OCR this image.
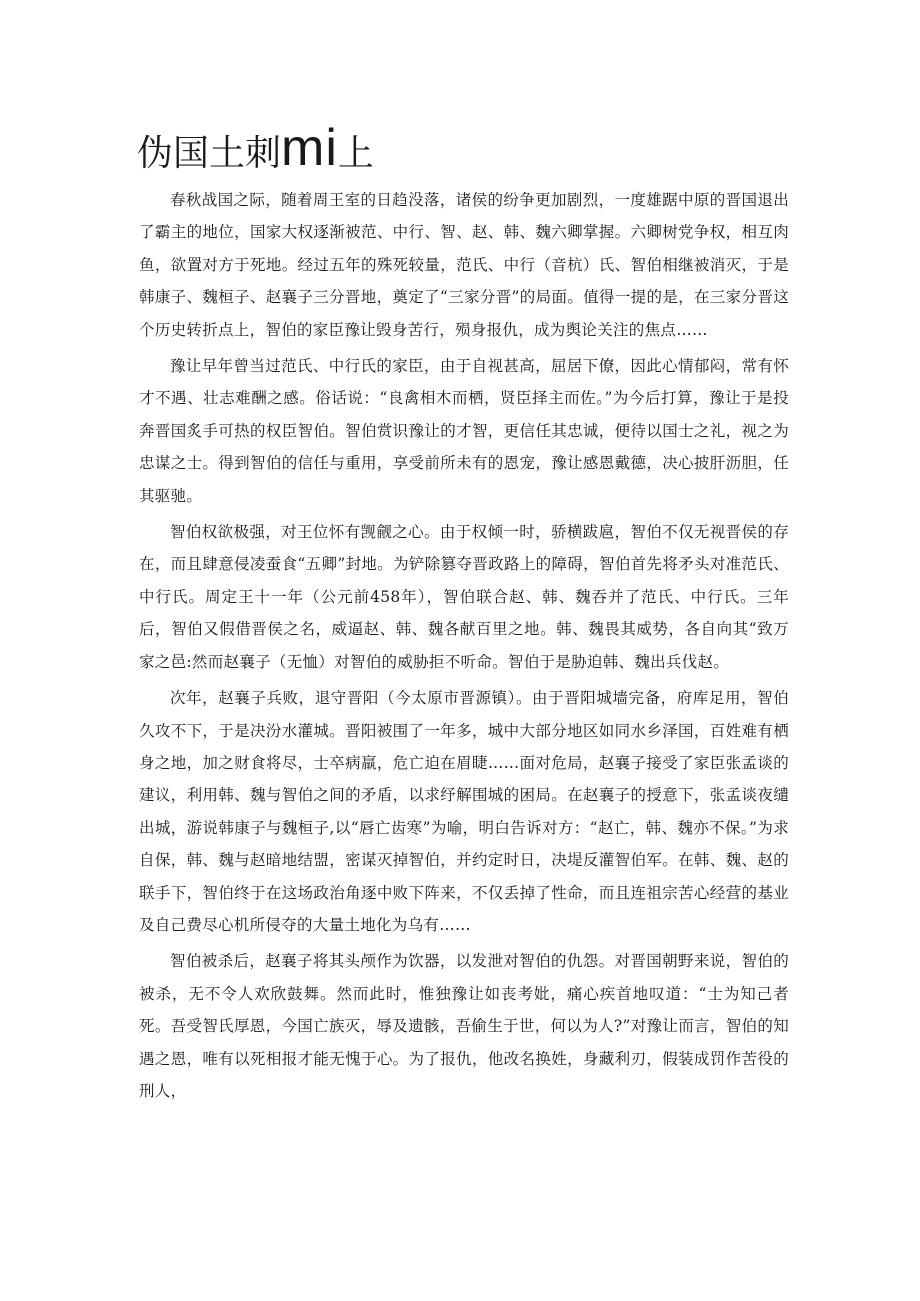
伪国土刺mi上

春秋战国之际，随着周王室的日趋没落，诸侯的纷争更加剧烈，一度雄踞中原的晋国退出了霸主的地位，国家大权逐渐被范、中行、智、赵、韩、魏六卿掌握。六卿树党争权，相互肉鱼，欲置对方于死地。经过五年的殊死较量，范氏、中行（音杭）氏、智伯相继被消灭，于是韩康子、魏桓子、赵襄子三分晋地，奠定了“三家分晋”的局面。值得一提的是，在三家分晋这个历史转折点上，智伯的家臣豫让毁身苦行，殒身报仇，成为舆论关注的焦点……

豫让早年曾当过范氏、中行氏的家臣，由于自视甚高，屈居下僚，因此心情郁闷，常有怀才不遇、壮志难酬之感。俗话说：“良禽相木而栖，贤臣择主而佐。”为今后打算，豫让于是投奔晋国炙手可热的权臣智伯。智伯赏识豫让的才智，更信任其忠诚，便待以国士之礼，视之为忠谋之士。得到智伯的信任与重用，享受前所未有的恩宠，豫让感恩戴德，决心披肝沥胆，任其驱驰。

智伯权欲极强，对王位怀有觊觎之心。由于权倾一时，骄横跋扈，智伯不仅无视晋侯的存在，而且肆意侵凌蚕食“五卿”封地。为铲除篡夺晋政路上的障碍，智伯首先将矛头对准范氏、中行氏。周定王十一年（公元前458年），智伯联合赵、韩、魏吞并了范氏、中行氏。三年后，智伯又假借晋侯之名，威逼赵、韩、魏各献百里之地。韩、魏畏其威势，各自向其“致万家之邑:然而赵襄子（无恤）对智伯的威胁拒不听命。智伯于是胁迫韩、魏出兵伐赵。

次年，赵襄子兵败，退守晋阳（今太原市晋源镇）。由于晋阳城墙完备，府库足用，智伯久攻不下，于是决汾水灌城。晋阳被围了一年多，城中大部分地区如同水乡泽国，百姓难有栖身之地，加之财食将尽，士卒病羸，危亡迫在眉睫……面对危局，赵襄子接受了家臣张孟谈的建议，利用韩、魏与智伯之间的矛盾，以求纾解围城的困局。在赵襄子的授意下，张孟谈夜缱出城，游说韩康子与魏桓子,以“唇亡齿寒”为喻，明白告诉对方：“赵亡，韩、魏亦不保。”为求自保，韩、魏与赵暗地结盟，密谋灭掉智伯，并约定时日，决堤反灌智伯军。在韩、魏、赵的联手下，智伯终于在这场政治角逐中败下阵来，不仅丢掉了性命，而且连祖宗苦心经营的基业及自己费尽心机所侵夺的大量土地化为乌有……

智伯被杀后，赵襄子将其头颅作为饮器，以发泄对智伯的仇怨。对晋国朝野来说，智伯的被杀，无不令人欢欣鼓舞。然而此时，惟独豫让如丧考妣，痛心疾首地叹道：“士为知己者死。吾受智氏厚恩，今国亡族灭，辱及遗骸，吾偷生于世，何以为人?”对豫让而言，智伯的知遇之恩，唯有以死相报才能无愧于心。为了报仇，他改名换姓，身藏利刃，假装成罚作苦役的刑人，
